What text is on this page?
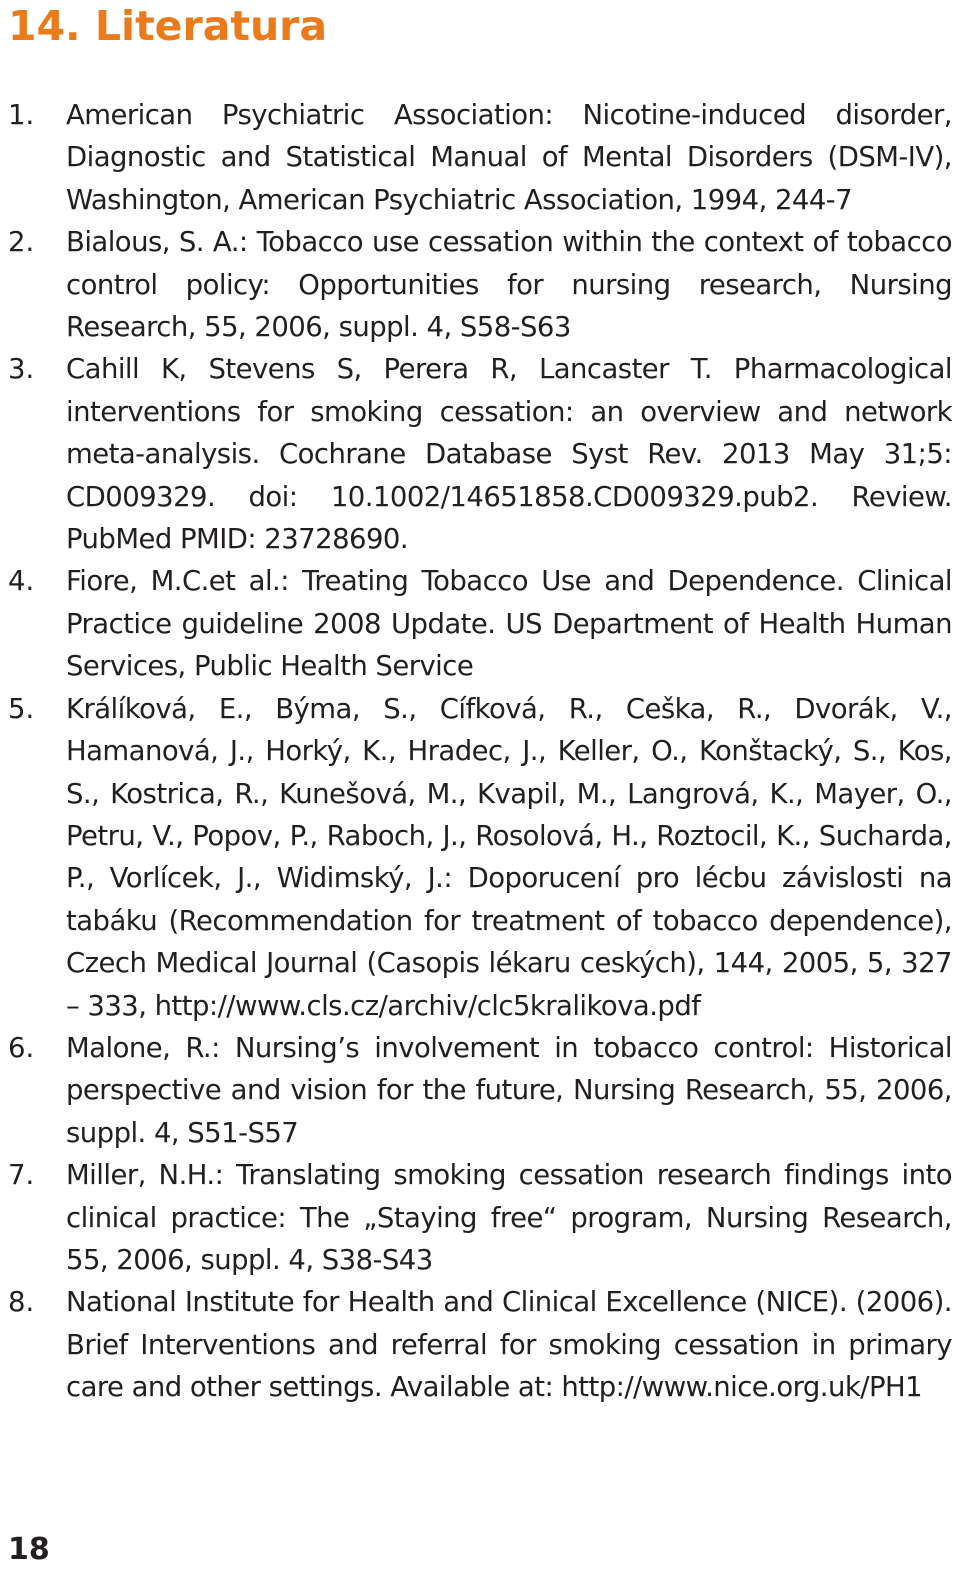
14. Literatura
1.	American Psychiatric Association: Nicotine-induced disorder, Diagnostic and Statistical Manual of Mental Disorders (DSM-IV), Washington, American Psychiatric Association, 1994, 244-7
2.	Bialous, S. A.: Tobacco use cessation within the context of tobacco control policy: Opportunities for nursing research, Nursing Research, 55, 2006, suppl. 4, S58-S63
3.	Cahill K, Stevens S, Perera R, Lancaster T. Pharmacological interventions for smoking cessation: an overview and network meta-analysis. Cochrane Database Syst Rev. 2013 May 31;5: CD009329. doi: 10.1002/14651858.CD009329.pub2. Review. PubMed PMID: 23728690.
4.	Fiore, M.C.et al.: Treating Tobacco Use and Dependence. Clinical Practice guideline 2008 Update. US Department of Health Human Services, Public Health Service
5.	Králíková, E., Býma, S., Cífková, R., Ceška, R., Dvorák, V., Hamanová, J., Horký, K., Hradec, J., Keller, O., Konštacký, S., Kos, S., Kostrica, R., Kunešová, M., Kvapil, M., Langrová, K., Mayer, O., Petru, V., Popov, P., Raboch, J., Rosolová, H., Roztocil, K., Sucharda, P., Vorlícek, J., Widimský, J.: Doporucení pro lécbu závislosti na tabáku (Recommendation for treatment of tobacco dependence), Czech Medical Journal (Casopis lékaru ceských), 144, 2005, 5, 327 – 333, http://www.cls.cz/archiv/clc5kralikova.pdf
6.	Malone, R.: Nursing’s involvement in tobacco control: Historical perspective and vision for the future, Nursing Research, 55, 2006, suppl. 4, S51-S57
7.	Miller, N.H.: Translating smoking cessation research findings into clinical practice: The „Staying free“ program, Nursing Research, 55, 2006, suppl. 4, S38-S43
8.	National Institute for Health and Clinical Excellence (NICE). (2006). Brief Interventions and referral for smoking cessation in primary care and other settings. Available at: http://www.nice.org.uk/PH1
18
